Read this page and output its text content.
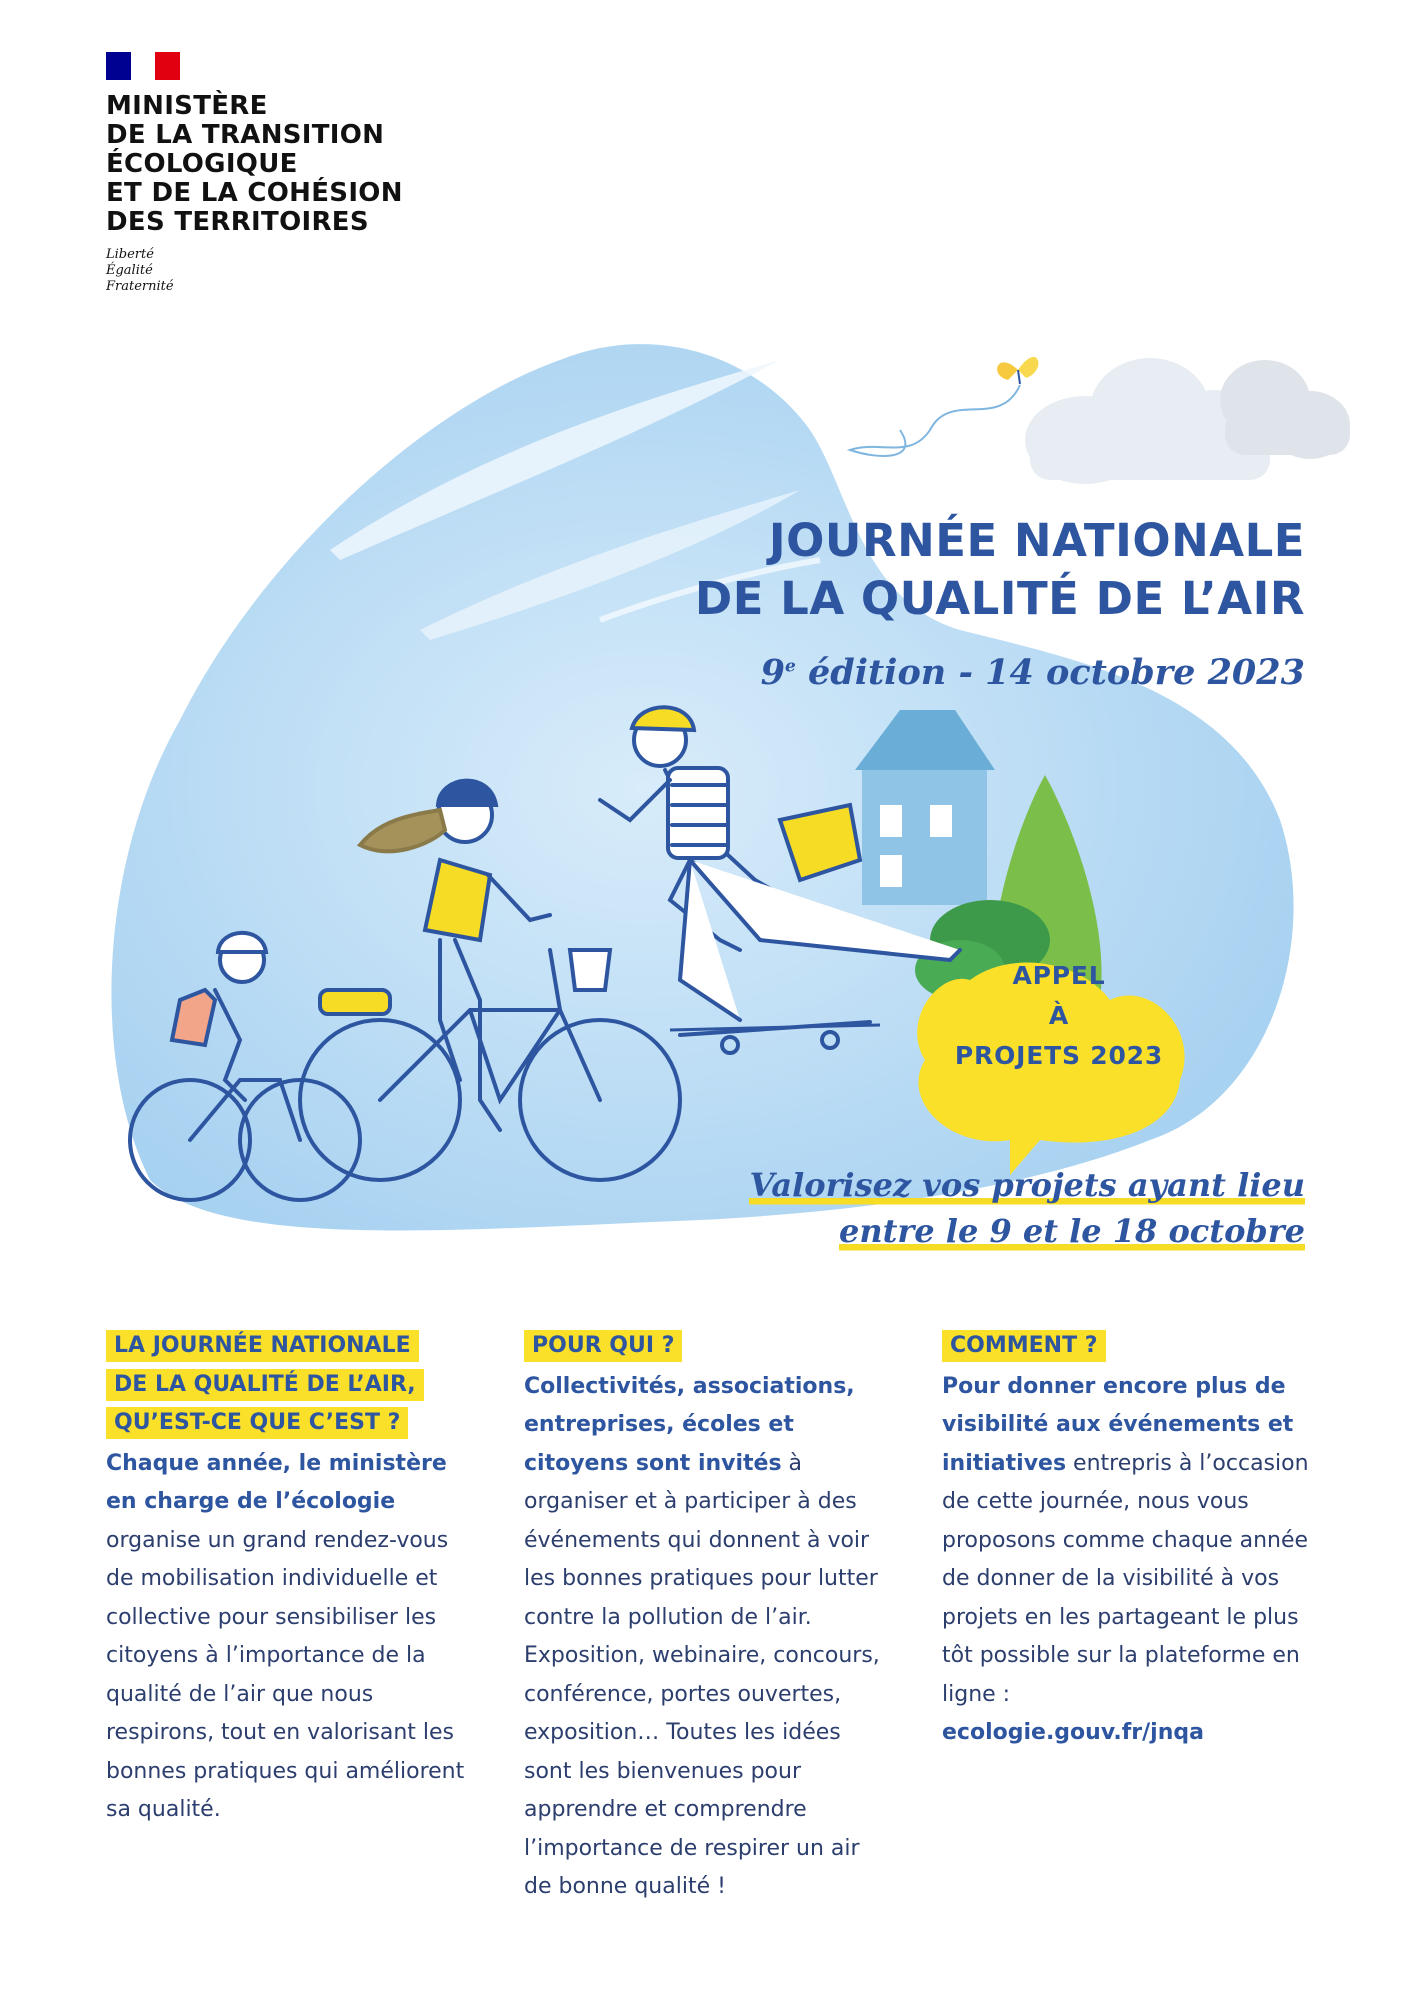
MINISTÈRE
DE LA TRANSITION
ÉCOLOGIQUE
ET DE LA COHÉSION
DES TERRITOIRES
Liberté
Égalité
Fraternité
JOURNÉE NATIONALE
DE LA QUALITÉ DE L’AIR
9e édition - 14 octobre 2023
APPEL
À
PROJETS 2023
Valorisez vos projets ayant lieu
entre le 9 et le 18 octobre
LA JOURNÉE NATIONALE
DE LA QUALITÉ DE L’AIR,
QU’EST-CE QUE C’EST ?
Chaque année, le ministère en charge de l’écologie organise un grand rendez-vous de mobilisation individuelle et collective pour sensibiliser les citoyens à l’importance de la qualité de l’air que nous respirons, tout en valorisant les bonnes pratiques qui améliorent sa qualité.
POUR QUI ?
Collectivités, associations, entreprises, écoles et citoyens sont invités à organiser et à participer à des événements qui donnent à voir les bonnes pratiques pour lutter contre la pollution de l’air. Exposition, webinaire, concours, conférence, portes ouvertes, exposition… Toutes les idées sont les bienvenues pour apprendre et comprendre l’importance de respirer un air de bonne qualité !
COMMENT ?
Pour donner encore plus de visibilité aux événements et initiatives entrepris à l’occasion de cette journée, nous vous proposons comme chaque année de donner de la visibilité à vos projets en les partageant le plus tôt possible sur la plateforme en ligne :
ecologie.gouv.fr/jnqa
